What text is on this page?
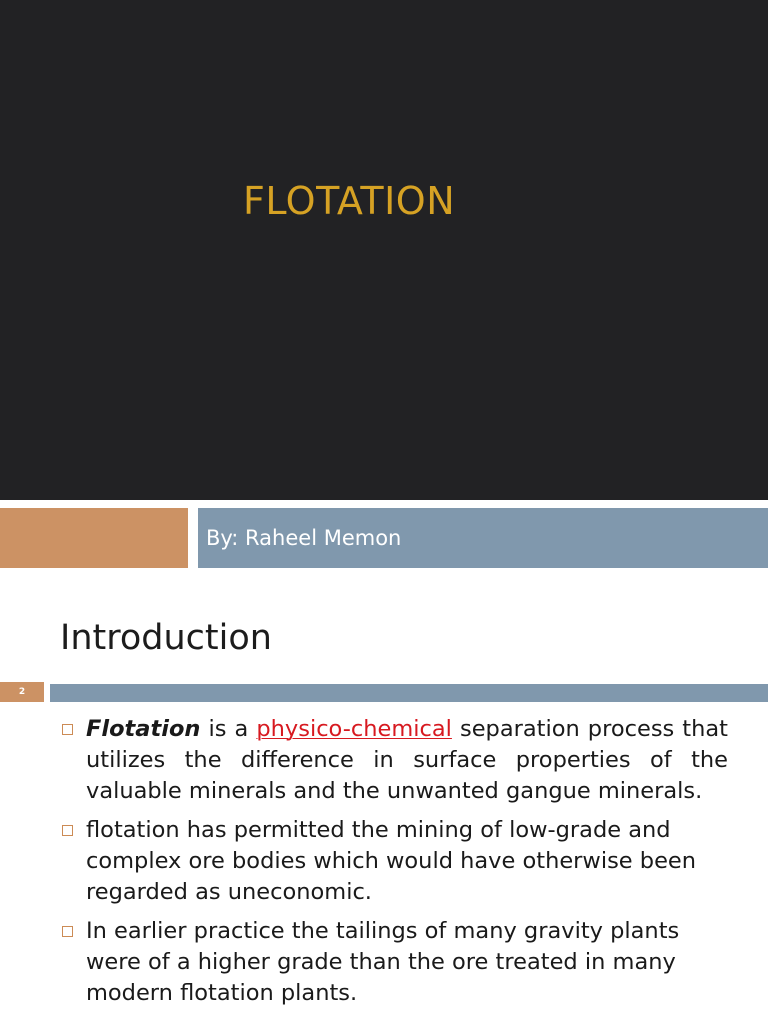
FLOTATION
By: Raheel Memon
Introduction
2
Flotation is a physico-chemical separation process that utilizes the difference in surface properties of the valuable minerals and the unwanted gangue minerals.
flotation has permitted the mining of low-grade and complex ore bodies which would have otherwise been regarded as uneconomic.
In earlier practice the tailings of many gravity plants were of a higher grade than the ore treated in many modern flotation plants.
